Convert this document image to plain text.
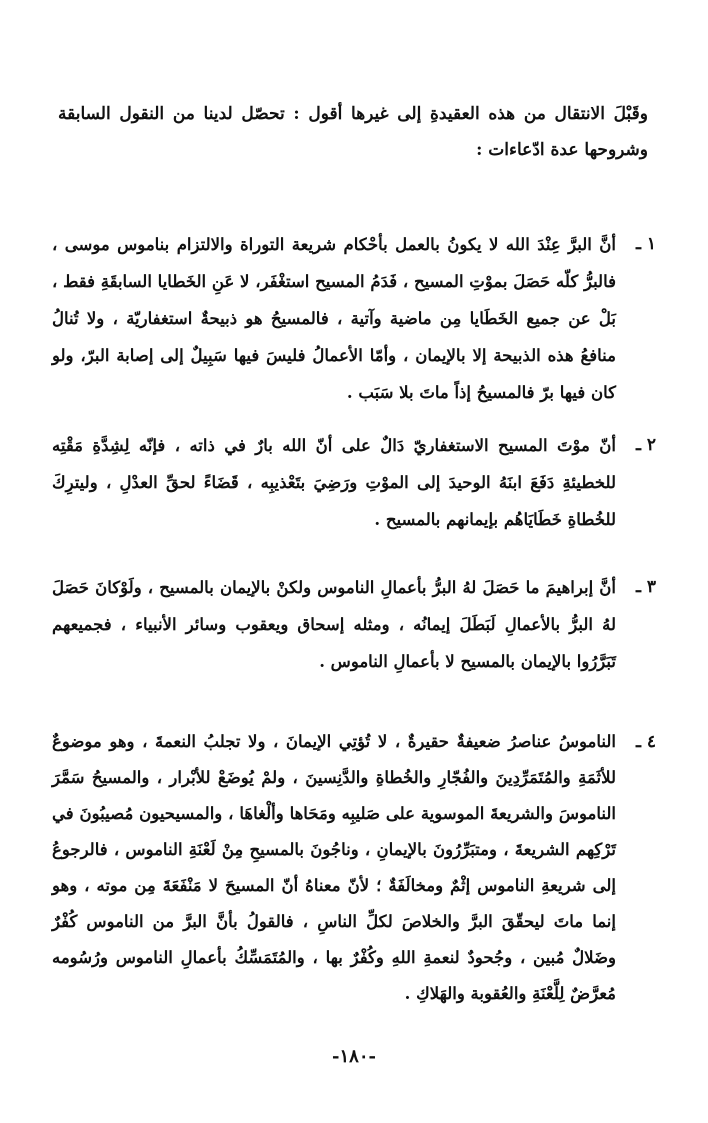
وقَبْلَ الانتقال من هذه العقيدةِ إلى غيرها أقول : تحصّل لدينا من النقول السابقة وشروحها عدة ادّعاءات :

١ ـ

أنَّ البرَّ عِنْدَ الله لا يكونُ بالعمل بأحْكام شريعة التوراة والالتزام بناموس موسى ، فالبرُّ كلّه حَصَلَ بموْتِ المسيح ، فَدَمُ المسيح استغْفَر، لا عَنِ الخَطايا السابقَةِ فقط ، بَلْ عن جميع الخَطَايا مِن ماضية وآتية ، فالمسيحُ هو ذبيحةٌ استغفاريّة ، ولا تُنالُ منافعُ هذه الذبيحة إلا بالإيمان ، وأمّا الأعمالُ فليسَ فيها سَبِيلٌ إلى إصابة البرّ، ولو كان فيها برّ فالمسيحُ إذاً ماتَ بلا سَبَب .

٢ ـ

أنّ موْتَ المسيح الاستغفاريّ دَالٌ على أنّ الله بارٌ في ذاته ، فإنّه لِشِدَّةِ مَقْتِه للخطيئةِ دَفَعَ ابنَهُ الوحيدَ إلى الموْتِ ورَضِيَ بتَعْذيبِه ، قَضَاءً لحقِّ العدْلِ ، وليترِكَ للخُطاةِ خَطَايَاهُم بإيمانهم بالمسيح .

٣ ـ

أنَّ إبراهيمَ ما حَصَلَ لهُ البرُّ بأعمالِ الناموس ولكنْ بالإيمان بالمسيح ، ولَوْكانَ حَصَلَ لهُ البرُّ بالأعمالِ لَبَطَلَ إيمانُه ، ومثله إسحاق ويعقوب وسائر الأنبياء ، فجميعهم تَبَرَّرُوا بالإيمان بالمسيح لا بأعمالِ الناموس .

٤ ـ

الناموسُ عناصرُ ضعيفةٌ حقيرةٌ ، لا تُؤتِي الإيمانَ ، ولا تجلبُ النعمةَ ، وهو موضوعٌ للأثَمَةِ والمُتَمَرِّدِينَ والفُجّارِ والخُطاةِ والدَّنِسينَ ، ولمْ يُوضَعْ للأبْرار ، والمسيحُ سَمَّرَ الناموسَ والشريعةَ الموسوية على صَليبِه ومَحَاها وألْغاهَا ، والمسيحيون مُصيبُونَ في تَرْكِهم الشريعةَ ، ومتبَرِّرُونَ بالإيمانِ ، وناجُونَ بالمسيحِ مِنْ لَعْنَةِ الناموس ، فالرجوعُ إلى شريعةِ الناموس إثْمٌ ومخالَفَةٌ ؛ لأنّ معناهُ أنّ المسيحَ لا مَنْفَعَةَ مِن موته ، وهو إنما ماتَ ليحقّقَ البرَّ والخلاصَ لكلِّ الناسِ ، فالقولُ بأنَّ البرَّ من الناموس كُفْرٌ وضَلالٌ مُبين ، وجُحودٌ لنعمةِ اللهِ وكُفْرٌ بها ، والمُتَمَسِّكُ بأعمالِ الناموس ورُسُومه مُعرَّضٌ لِلَّعْنَةِ والعُقوبة والهَلاكِ .

-١٨٠-
